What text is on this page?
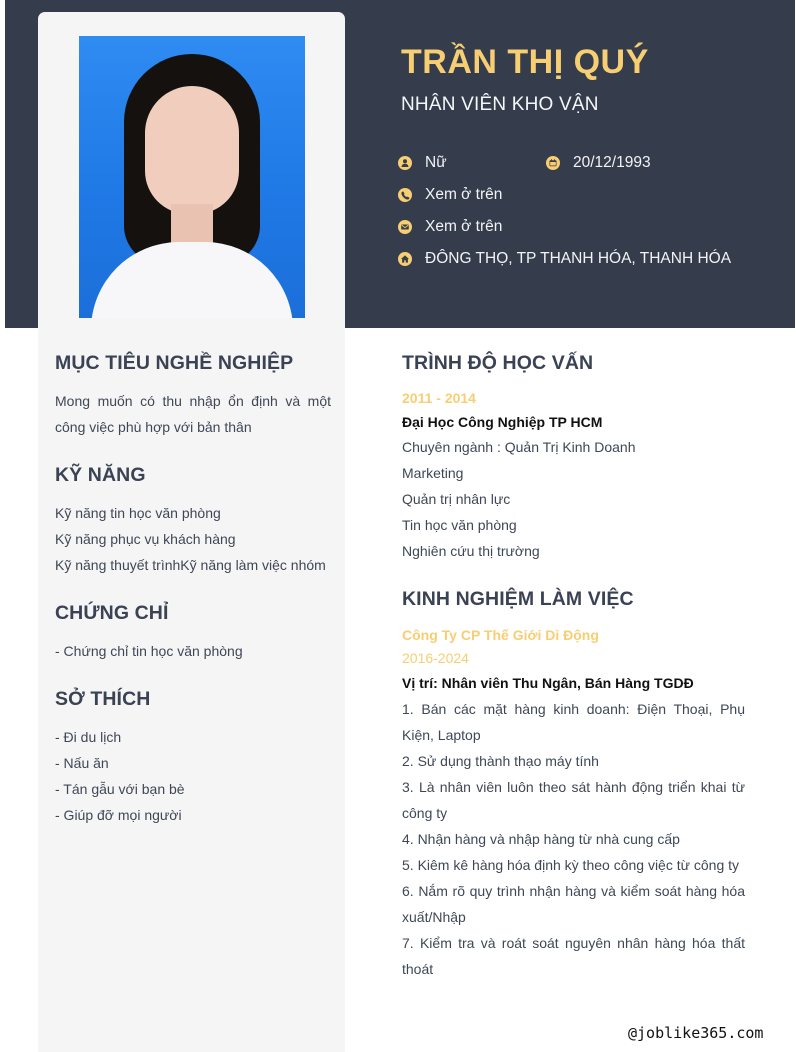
TRẦN THỊ QUÝ
NHÂN VIÊN KHO VẬN
Nữ	20/12/1993
Xem ở trên
Xem ở trên
ĐÔNG THỌ, TP THANH HÓA, THANH HÓA
MỤC TIÊU NGHỀ NGHIỆP

Mong muốn có thu nhập ổn định và một công việc phù hợp với bản thân

KỸ NĂNG
Kỹ năng tin học văn phòng
Kỹ năng phục vụ khách hàng
Kỹ năng thuyết trìnhKỹ năng làm việc nhóm
CHỨNG CHỈ
- Chứng chỉ tin học văn phòng
SỞ THÍCH
- Đi du lịch
- Nấu ăn
- Tán gẫu với bạn bè
- Giúp đỡ mọi người
TRÌNH ĐỘ HỌC VẤN
2011 - 2014
Đại Học Công Nghiệp TP HCM
Chuyên ngành : Quản Trị Kinh Doanh
Marketing
Quản trị nhân lực
Tin học văn phòng
Nghiên cứu thị trường
KINH NGHIỆM LÀM VIỆC
Công Ty CP Thế Giới Di Động
2016-2024
Vị trí: Nhân viên Thu Ngân, Bán Hàng TGDĐ
1. Bán các mặt hàng kinh doanh: Điện Thoại, Phụ Kiện, Laptop
2. Sử dụng thành thạo máy tính
3. Là nhân viên luôn theo sát hành động triển khai từ công ty
4. Nhận hàng và nhập hàng từ nhà cung cấp
5. Kiêm kê hàng hóa định kỳ theo công việc từ công ty
6. Nắm rõ quy trình nhận hàng và kiểm soát hàng hóa xuất/Nhập
7. Kiểm tra và roát soát nguyên nhân hàng hóa thất thoát
@joblike365.com
